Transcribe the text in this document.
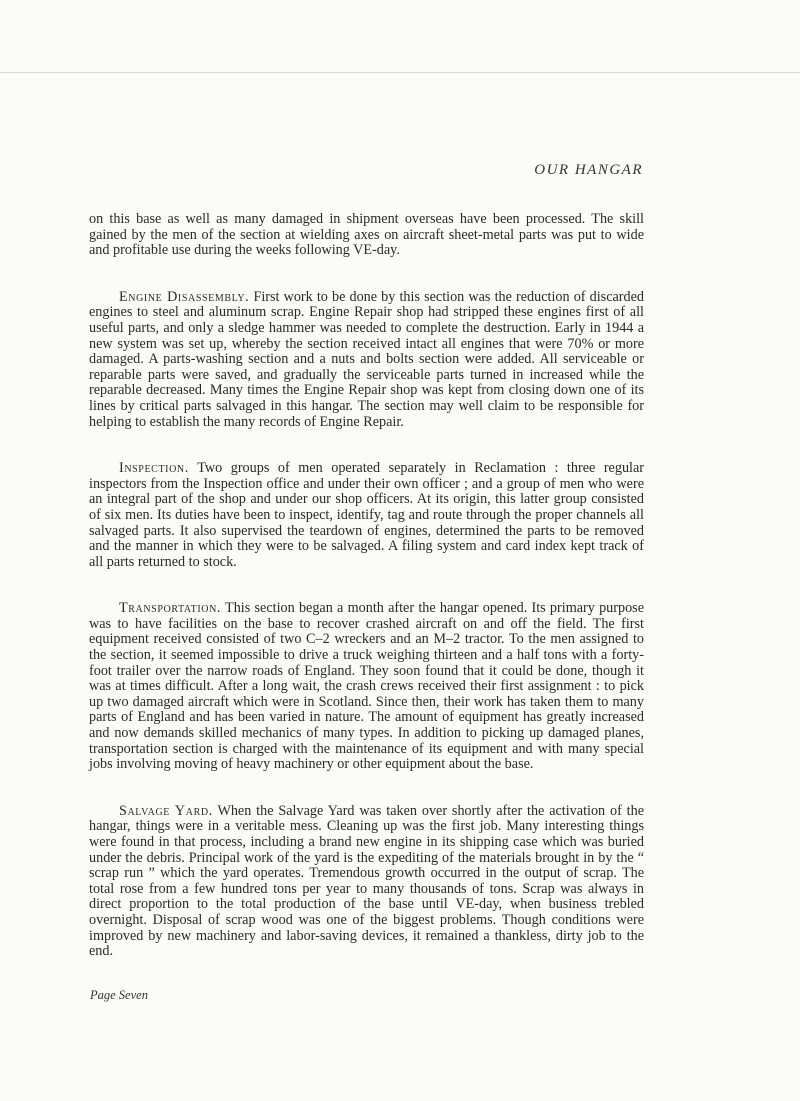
OUR HANGAR

on this base as well as many damaged in shipment overseas have been processed. The skill gained by the men of the section at wielding axes on aircraft sheet-metal parts was put to wide and profitable use during the weeks following VE-day.

Engine Disassembly. First work to be done by this section was the reduction of discarded engines to steel and aluminum scrap. Engine Repair shop had stripped these engines first of all useful parts, and only a sledge hammer was needed to complete the destruction. Early in 1944 a new system was set up, whereby the section received intact all engines that were 70% or more damaged. A parts-washing section and a nuts and bolts section were added. All serviceable or reparable parts were saved, and gradually the serviceable parts turned in increased while the reparable decreased. Many times the Engine Repair shop was kept from closing down one of its lines by critical parts salvaged in this hangar. The section may well claim to be responsible for helping to establish the many records of Engine Repair.

Inspection. Two groups of men operated separately in Reclamation : three regular inspectors from the Inspection office and under their own officer ; and a group of men who were an integral part of the shop and under our shop officers. At its origin, this latter group consisted of six men. Its duties have been to inspect, identify, tag and route through the proper channels all salvaged parts. It also supervised the teardown of engines, determined the parts to be removed and the manner in which they were to be salvaged. A filing system and card index kept track of all parts returned to stock.

Transportation. This section began a month after the hangar opened. Its primary purpose was to have facilities on the base to recover crashed aircraft on and off the field. The first equipment received consisted of two C–2 wreckers and an M–2 tractor. To the men assigned to the section, it seemed impossible to drive a truck weighing thirteen and a half tons with a forty-foot trailer over the narrow roads of England. They soon found that it could be done, though it was at times difficult. After a long wait, the crash crews received their first assignment : to pick up two damaged aircraft which were in Scotland. Since then, their work has taken them to many parts of England and has been varied in nature. The amount of equipment has greatly increased and now demands skilled mechanics of many types. In addition to picking up damaged planes, transportation section is charged with the maintenance of its equipment and with many special jobs involving moving of heavy machinery or other equipment about the base.

Salvage Yard. When the Salvage Yard was taken over shortly after the activation of the hangar, things were in a veritable mess. Cleaning up was the first job. Many interesting things were found in that process, including a brand new engine in its shipping case which was buried under the debris. Principal work of the yard is the expediting of the materials brought in by the “ scrap run ” which the yard operates. Tremendous growth occurred in the output of scrap. The total rose from a few hundred tons per year to many thousands of tons. Scrap was always in direct proportion to the total production of the base until VE-day, when business trebled overnight. Disposal of scrap wood was one of the biggest problems. Though conditions were improved by new machinery and labor-saving devices, it remained a thankless, dirty job to the end.

Page Seven
